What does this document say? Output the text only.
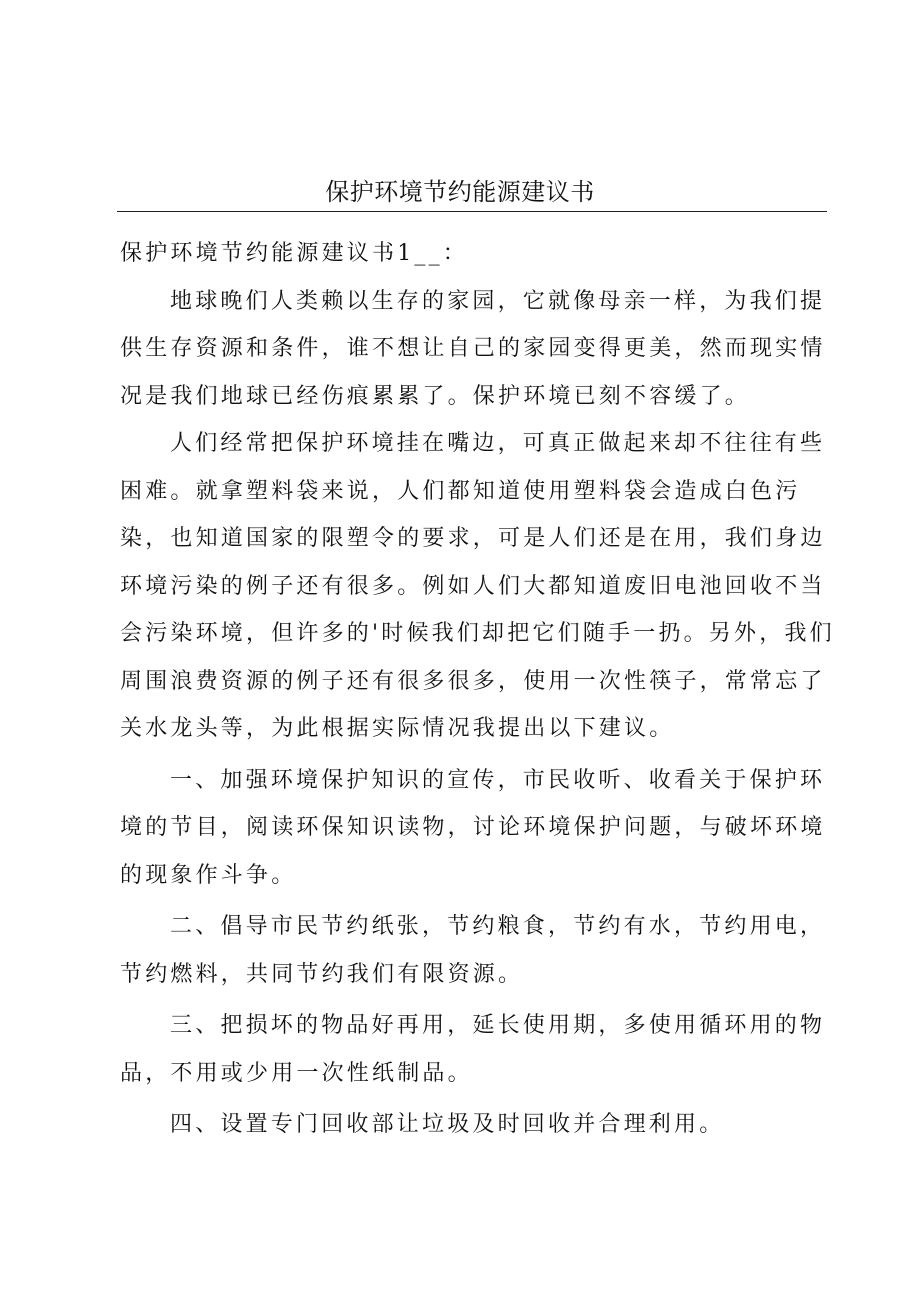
保护环境节约能源建议书

保护环境节约能源建议书1__：

地球晚们人类赖以生存的家园，它就像母亲一样，为我们提供生存资源和条件，谁不想让自己的家园变得更美，然而现实情况是我们地球已经伤痕累累了。保护环境已刻不容缓了。

人们经常把保护环境挂在嘴边，可真正做起来却不往往有些困难。就拿塑料袋来说，人们都知道使用塑料袋会造成白色污染，也知道国家的限塑令的要求，可是人们还是在用，我们身边环境污染的例子还有很多。例如人们大都知道废旧电池回收不当会污染环境，但许多的'时候我们却把它们随手一扔。另外，我们周围浪费资源的例子还有很多很多，使用一次性筷子，常常忘了关水龙头等，为此根据实际情况我提出以下建议。

一、加强环境保护知识的宣传，市民收听、收看关于保护环境的节目，阅读环保知识读物，讨论环境保护问题，与破坏环境的现象作斗争。

二、倡导市民节约纸张，节约粮食，节约有水，节约用电，节约燃料，共同节约我们有限资源。

三、把损坏的物品好再用，延长使用期，多使用循环用的物品，不用或少用一次性纸制品。

四、设置专门回收部让垃圾及时回收并合理利用。
